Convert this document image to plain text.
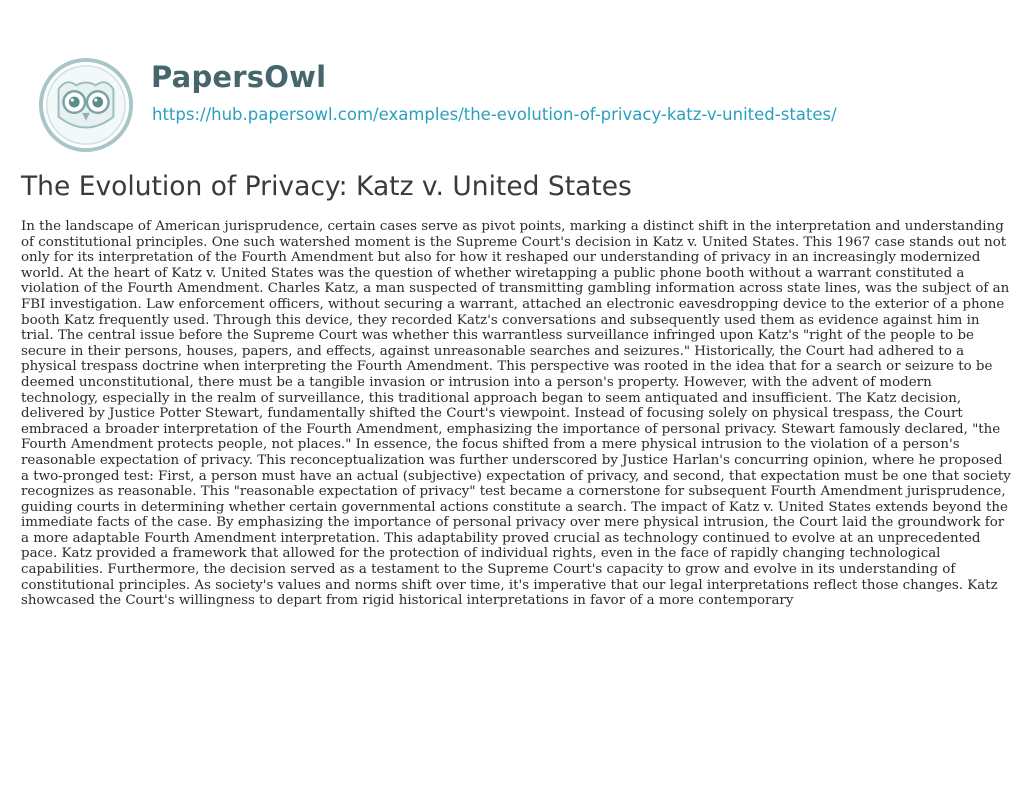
PapersOwl
https://hub.papersowl.com/examples/the-evolution-of-privacy-katz-v-united-states/
The Evolution of Privacy: Katz v. United States

In the landscape of American jurisprudence, certain cases serve as pivot points, marking a distinct shift in the interpretation and understanding of constitutional principles. One such watershed moment is the Supreme Court's decision in Katz v. United States. This 1967 case stands out not only for its interpretation of the Fourth Amendment but also for how it reshaped our understanding of privacy in an increasingly modernized world. At the heart of Katz v. United States was the question of whether wiretapping a public phone booth without a warrant constituted a violation of the Fourth Amendment. Charles Katz, a man suspected of transmitting gambling information across state lines, was the subject of an FBI investigation. Law enforcement officers, without securing a warrant, attached an electronic eavesdropping device to the exterior of a phone booth Katz frequently used. Through this device, they recorded Katz's conversations and subsequently used them as evidence against him in trial. The central issue before the Supreme Court was whether this warrantless surveillance infringed upon Katz's "right of the people to be secure in their persons, houses, papers, and effects, against unreasonable searches and seizures." Historically, the Court had adhered to a physical trespass doctrine when interpreting the Fourth Amendment. This perspective was rooted in the idea that for a search or seizure to be deemed unconstitutional, there must be a tangible invasion or intrusion into a person's property. However, with the advent of modern technology, especially in the realm of surveillance, this traditional approach began to seem antiquated and insufficient. The Katz decision, delivered by Justice Potter Stewart, fundamentally shifted the Court's viewpoint. Instead of focusing solely on physical trespass, the Court embraced a broader interpretation of the Fourth Amendment, emphasizing the importance of personal privacy. Stewart famously declared, "the Fourth Amendment protects people, not places." In essence, the focus shifted from a mere physical intrusion to the violation of a person's reasonable expectation of privacy. This reconceptualization was further underscored by Justice Harlan's concurring opinion, where he proposed a two-pronged test: First, a person must have an actual (subjective) expectation of privacy, and second, that expectation must be one that society recognizes as reasonable. This "reasonable expectation of privacy" test became a cornerstone for subsequent Fourth Amendment jurisprudence, guiding courts in determining whether certain governmental actions constitute a search. The impact of Katz v. United States extends beyond the immediate facts of the case. By emphasizing the importance of personal privacy over mere physical intrusion, the Court laid the groundwork for a more adaptable Fourth Amendment interpretation. This adaptability proved crucial as technology continued to evolve at an unprecedented pace. Katz provided a framework that allowed for the protection of individual rights, even in the face of rapidly changing technological capabilities. Furthermore, the decision served as a testament to the Supreme Court's capacity to grow and evolve in its understanding of constitutional principles. As society's values and norms shift over time, it's imperative that our legal interpretations reflect those changes. Katz showcased the Court's willingness to depart from rigid historical interpretations in favor of a more contemporary
